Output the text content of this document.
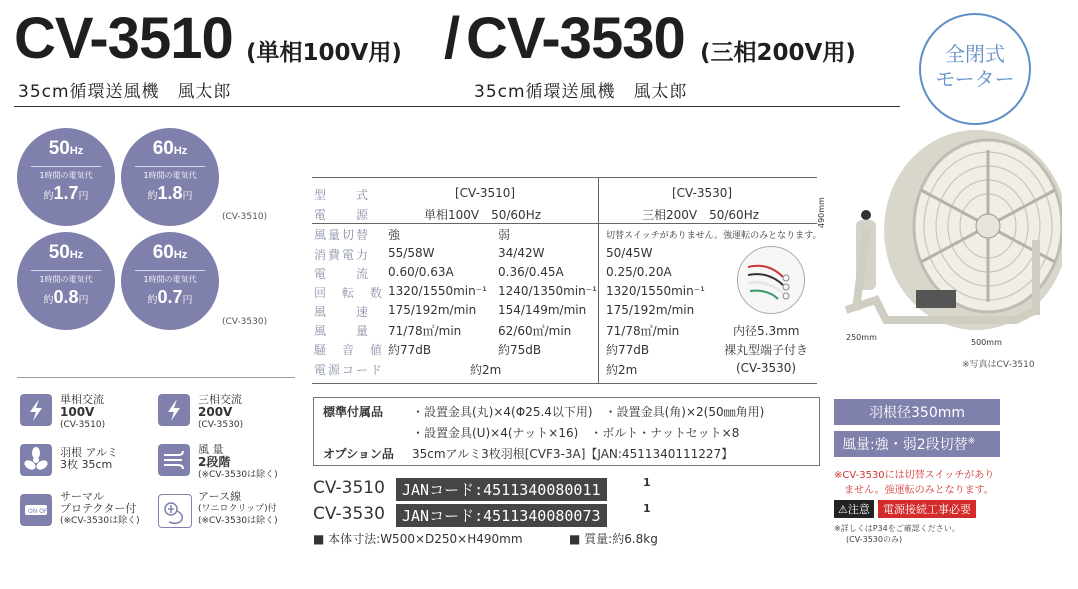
CV-3510 (単相100V用) / CV-3530 (三相200V用)
35cm循環送風機　風太郎	35cm循環送風機　風太郎
全閉式
モーター
50Hz
1時間の電気代
約1.7円
60Hz
1時間の電気代
約1.8円
(CV-3510)
50Hz
1時間の電気代
約0.8円
60Hz
1時間の電気代
約0.7円
(CV-3530)
型　　式	[CV-3510]	[CV-3530]
電　　源	単相100V　50/60Hz	三相200V　50/60Hz
風量切替 強	弱	切替スイッチがありません。強運転のみとなります。
消費電力 55/58W	34/42W	50/45W
電　　流 0.60/0.63A	0.36/0.45A	0.25/0.20A
回　転　数 1320/1550min⁻¹ 1240/1350min⁻¹ 1320/1550min⁻¹
風　　速 175/192m/min 154/149m/min 175/192m/min
風　　量 71/78㎥/min	62/60㎥/min	71/78㎥/min
騒　音　値 約77dB	約75dB	約77dB
電源コード	約2m	約2m
内径5.3mm
裸丸型端子付き
(CV-3530)
単相交流
100V
(CV-3510)
三相交流
200V
(CV-3530)
羽根 アルミ
3枚 35cm
風 量
2段階
(※CV-3530は除く)
ON OFF
サーマル
プロテクター付
(※CV-3530は除く)
アース線
(ワニロクリップ)付
(※CV-3530は除く)
標準付属品 ・設置金具(丸)×4(Φ25.4以下用)　・設置金具(角)×2(50㎜角用)
・設置金具(U)×4(ナット×16)　・ボルト・ナットセット×8
オプション品 35cmアルミ3枚羽根[CVF3-3A]【JAN:4511340111227】
CV-3510	JANコード:4511340080011	1
CV-3530	JANコード:4511340080073	1
■ 本体寸法:W500×D250×H490mm	■ 質量:約6.8kg
羽根径350mm
風量:強・弱2段切替※
※CV-3530には切替スイッチがあり
ません。強運転のみとなります。
⚠注意	電源接続工事必要
※詳しくはP34をご確認ください。
(CV-3530のみ)
490mm
250mm
500mm
※写真はCV-3510
